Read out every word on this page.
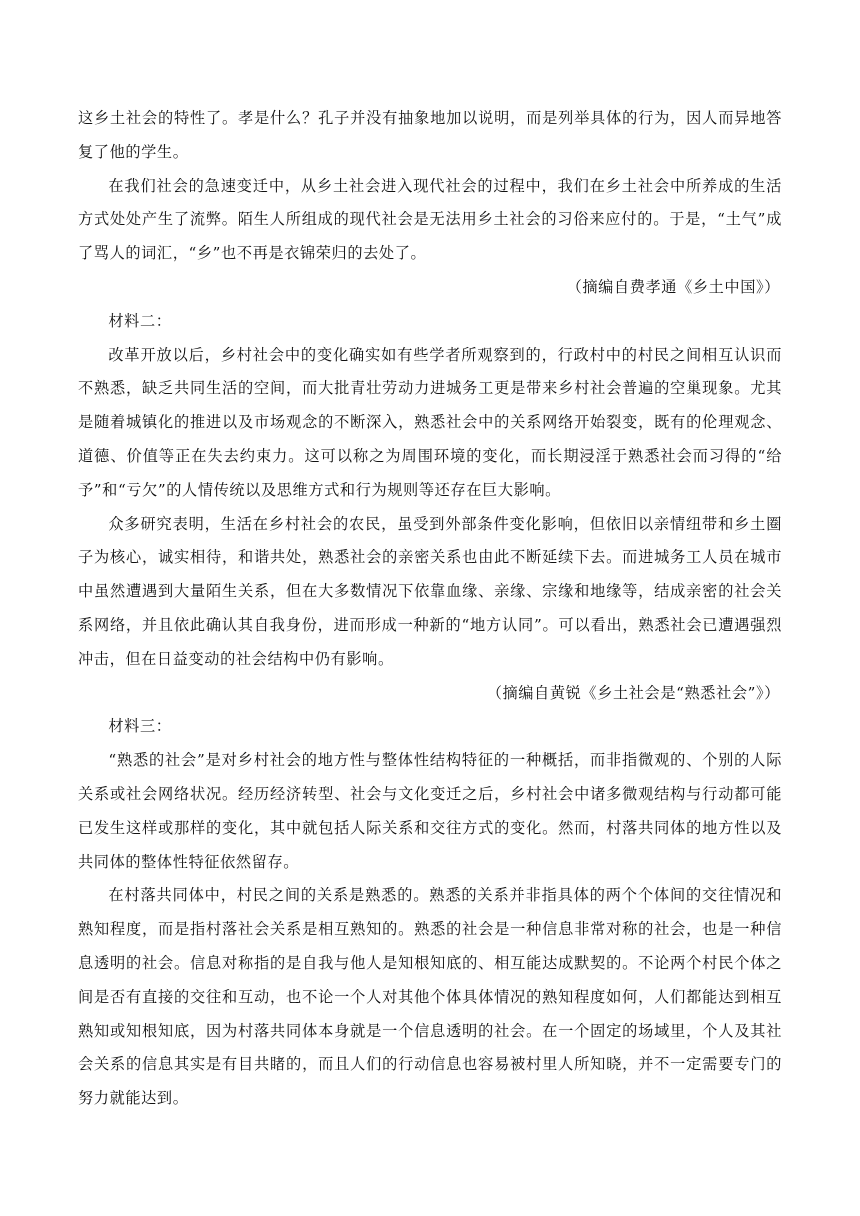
这乡土社会的特性了。孝是什么？孔子并没有抽象地加以说明，而是列举具体的行为，因人而异地答复了他的学生。

在我们社会的急速变迁中，从乡土社会进入现代社会的过程中，我们在乡土社会中所养成的生活方式处处产生了流弊。陌生人所组成的现代社会是无法用乡土社会的习俗来应付的。于是，“土气”成了骂人的词汇，“乡”也不再是衣锦荣归的去处了。

（摘编自费孝通《乡土中国》）

材料二：

改革开放以后，乡村社会中的变化确实如有些学者所观察到的，行政村中的村民之间相互认识而不熟悉，缺乏共同生活的空间，而大批青壮劳动力进城务工更是带来乡村社会普遍的空巢现象。尤其是随着城镇化的推进以及市场观念的不断深入，熟悉社会中的关系网络开始裂变，既有的伦理观念、道德、价值等正在失去约束力。这可以称之为周围环境的变化，而长期浸淫于熟悉社会而习得的“给予”和“亏欠”的人情传统以及思维方式和行为规则等还存在巨大影响。

众多研究表明，生活在乡村社会的农民，虽受到外部条件变化影响，但依旧以亲情纽带和乡土圈子为核心，诚实相待，和谐共处，熟悉社会的亲密关系也由此不断延续下去。而进城务工人员在城市中虽然遭遇到大量陌生关系，但在大多数情况下依靠血缘、亲缘、宗缘和地缘等，结成亲密的社会关系网络，并且依此确认其自我身份，进而形成一种新的“地方认同”。可以看出，熟悉社会已遭遇强烈冲击，但在日益变动的社会结构中仍有影响。

（摘编自黄锐《乡土社会是“熟悉社会”》）

材料三：

“熟悉的社会”是对乡村社会的地方性与整体性结构特征的一种概括，而非指微观的、个别的人际关系或社会网络状况。经历经济转型、社会与文化变迁之后，乡村社会中诸多微观结构与行动都可能已发生这样或那样的变化，其中就包括人际关系和交往方式的变化。然而，村落共同体的地方性以及共同体的整体性特征依然留存。

在村落共同体中，村民之间的关系是熟悉的。熟悉的关系并非指具体的两个个体间的交往情况和熟知程度，而是指村落社会关系是相互熟知的。熟悉的社会是一种信息非常对称的社会，也是一种信息透明的社会。信息对称指的是自我与他人是知根知底的、相互能达成默契的。不论两个村民个体之间是否有直接的交往和互动，也不论一个人对其他个体具体情况的熟知程度如何，人们都能达到相互熟知或知根知底，因为村落共同体本身就是一个信息透明的社会。在一个固定的场域里，个人及其社会关系的信息其实是有目共睹的，而且人们的行动信息也容易被村里人所知晓，并不一定需要专门的努力就能达到。
